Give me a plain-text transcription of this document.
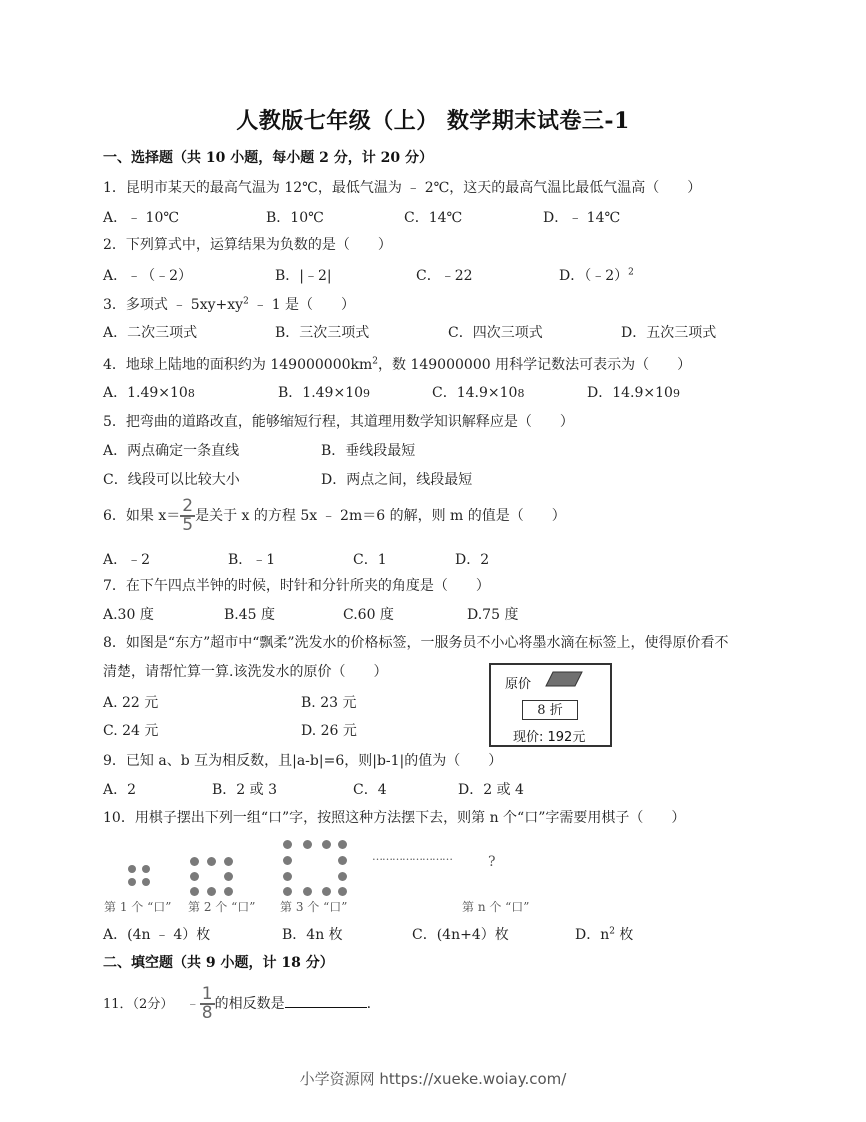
人教版七年级（上） 数学期末试卷三-1
一、选择题（共 10 小题，每小题 2 分，计 20 分）
1．昆明市某天的最高气温为 12℃，最低气温为 ﹣ 2℃，这天的最高气温比最低气温高（　　）
A．﹣ 10℃	B．10℃	C．14℃	D．﹣ 14℃
2．下列算式中，运算结果为负数的是（　　）
A．﹣（﹣2）	B．|﹣2|	C．﹣22	D．（﹣2）$^2$
3．多项式 ﹣ $5xy+xy^2$ ﹣ 1 是（　　）
A．二次三项式	B．三次三项式	C．四次三项式	D．五次三项式
4．地球上陆地的面积约为 $149000000km^2$，数 149000000 用科学记数法可表示为（　　）
A．1.49×108	B．1.49×109	C．14.9×108	D．14.9×109
5．把弯曲的道路改直，能够缩短行程，其道理用数学知识解释应是（　　）
A．两点确定一条直线	B．垂线段最短
C．线段可以比较大小	D．两点之间，线段最短
6．如果 $x= \frac{2}{5}$ 是关于 x 的方程 5x ﹣ 2m＝6 的解，则 m 的值是（　　）
A．﹣2	B．﹣1	C．1	D．2
7．在下午四点半钟的时候，时针和分针所夹的角度是（　　）
A.30 度	B.45 度	C.60 度	D.75 度
8．如图是“东方”超市中“飘柔”洗发水的价格标签，一服务员不小心将墨水滴在标签上，使得原价看不
清楚，请帮忙算一算.该洗发水的原价（　　）
A. 22 元	B. 23 元
C. 24 元	D. 26 元
原价
8 折
现价: 192元
9．已知 a、b 互为相反数，且|a-b|=6，则|b-1|的值为（　　）
A．2	B．2 或 3	C．4	D．2 或 4
10．用棋子摆出下列一组“口”字，按照这种方法摆下去，则第 n 个“口”字需要用棋子（　　）
……………………	?
第 1 个 “口” 第 2 个 “口” 第 3 个 “口”	第 n 个 “口”
A．(4n ﹣ 4）枚	B．4n 枚	C．(4n+4）枚	D．$n^2$ 枚
二、填空题（共 9 小题，计 18 分）
11．（2分） ﹣ $\frac{1}{8}$ 的相反数是	.
小学资源网 https://xueke.woiay.com/
